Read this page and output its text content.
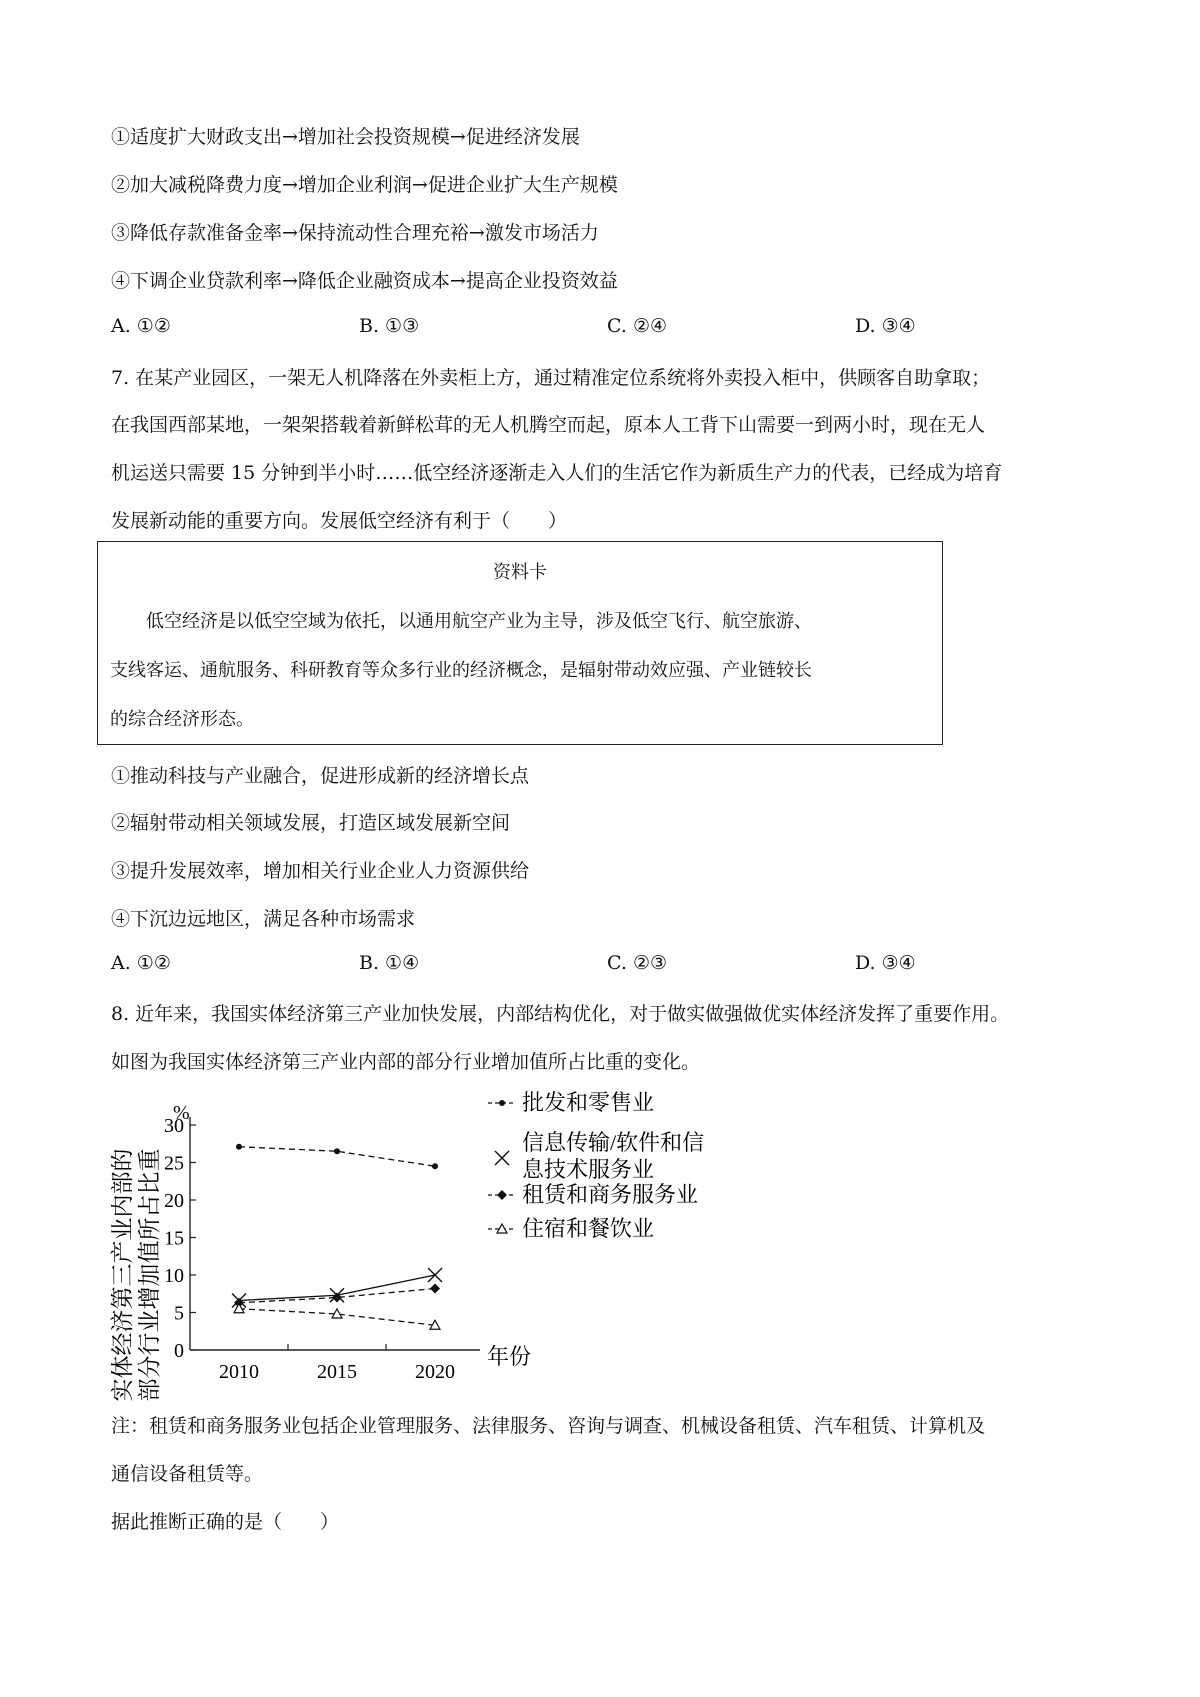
①适度扩大财政支出→增加社会投资规模→促进经济发展
②加大减税降费力度→增加企业利润→促进企业扩大生产规模
③降低存款准备金率→保持流动性合理充裕→激发市场活力
④下调企业贷款利率→降低企业融资成本→提高企业投资效益
A. ①②	B. ①③	C. ②④	D. ③④
7. 在某产业园区，一架无人机降落在外卖柜上方，通过精准定位系统将外卖投入柜中，供顾客自助拿取；
在我国西部某地，一架架搭载着新鲜松茸的无人机腾空而起，原本人工背下山需要一到两小时，现在无人
机运送只需要 15 分钟到半小时……低空经济逐渐走入人们的生活它作为新质生产力的代表，已经成为培育
发展新动能的重要方向。发展低空经济有利于（　　）
资料卡
　　低空经济是以低空空域为依托，以通用航空产业为主导，涉及低空飞行、航空旅游、
支线客运、通航服务、科研教育等众多行业的经济概念，是辐射带动效应强、产业链较长
的综合经济形态。
①推动科技与产业融合，促进形成新的经济增长点
②辐射带动相关领域发展，打造区域发展新空间
③提升发展效率，增加相关行业企业人力资源供给
④下沉边远地区，满足各种市场需求
A. ①②	B. ①④	C. ②③	D. ③④
8. 近年来，我国实体经济第三产业加快发展，内部结构优化，对于做实做强做优实体经济发挥了重要作用。
如图为我国实体经济第三产业内部的部分行业增加值所占比重的变化。
实体经济第三产业内部的 部分行业增加值所占比重
%
年份
0
5
10
15
20
25
30
2010	2015	2020
批发和零售业
信息传输/软件和信
息技术服务业
租赁和商务服务业
住宿和餐饮业
注：租赁和商务服务业包括企业管理服务、法律服务、咨询与调查、机械设备租赁、汽车租赁、计算机及
通信设备租赁等。
据此推断正确的是（　　）
